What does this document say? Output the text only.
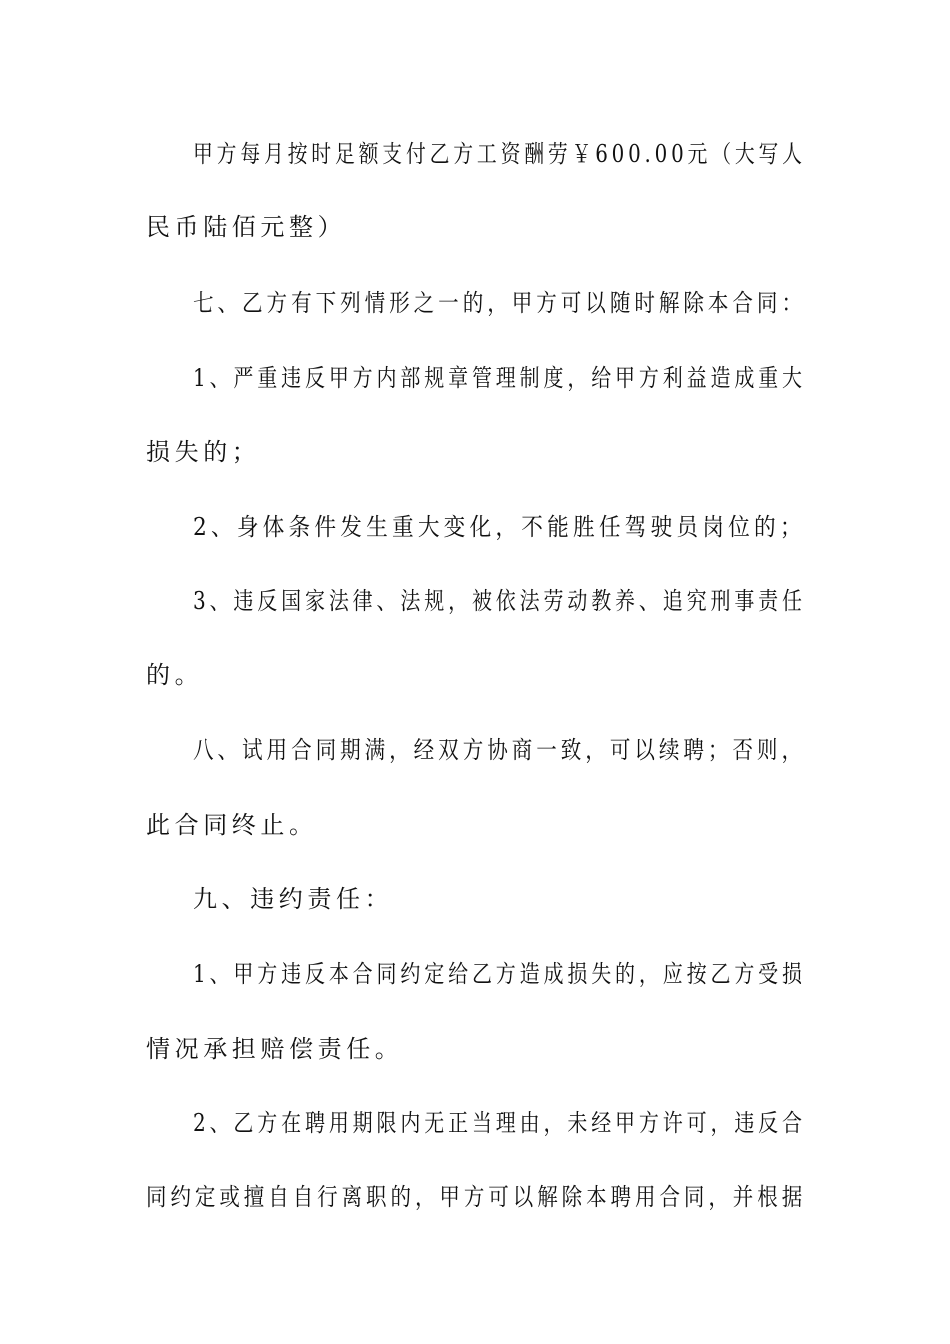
甲方每月按时足额支付乙方工资酬劳￥600.00元（大写人
民币陆佰元整）
七、乙方有下列情形之一的，甲方可以随时解除本合同：
1、严重违反甲方内部规章管理制度，给甲方利益造成重大
损失的；
2、身体条件发生重大变化，不能胜任驾驶员岗位的；
3、违反国家法律、法规，被依法劳动教养、追究刑事责任
的。
八、试用合同期满，经双方协商一致，可以续聘；否则，
此合同终止。
九、违约责任：
1、甲方违反本合同约定给乙方造成损失的，应按乙方受损
情况承担赔偿责任。
2、乙方在聘用期限内无正当理由，未经甲方许可，违反合
同约定或擅自自行离职的，甲方可以解除本聘用合同，并根据
